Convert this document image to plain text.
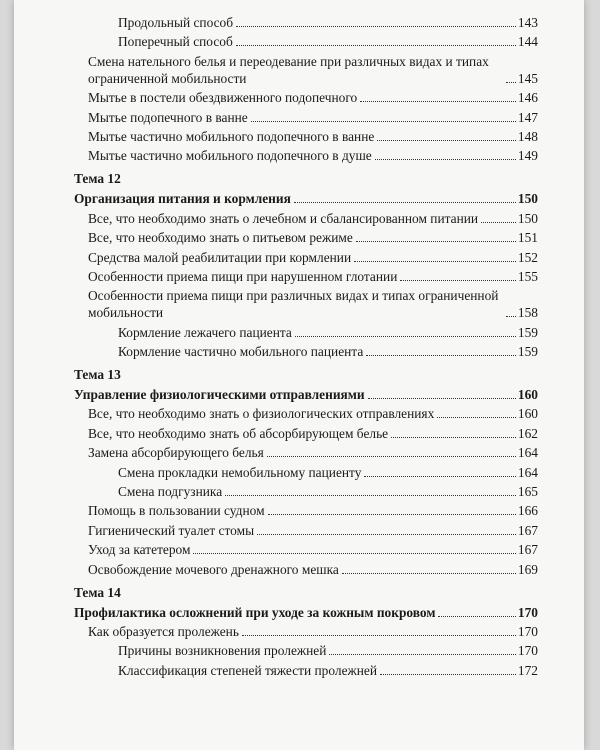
Продольный способ	143
Поперечный способ	144
Смена нательного белья и переодевание при различных видах и типах ограниченной мобильности	145
Мытье в постели обездвиженного подопечного	146
Мытье подопечного в ванне	147
Мытье частично мобильного подопечного в ванне	148
Мытье частично мобильного подопечного в душе	149
Тема 12
Организация питания и кормления	150
Все, что необходимо знать о лечебном и сбалансированном питании	150
Все, что необходимо знать о питьевом режиме	151
Средства малой реабилитации при кормлении	152
Особенности приема пищи при нарушенном глотании	155
Особенности приема пищи при различных видах и типах ограниченной мобильности	158
Кормление лежачего пациента	159
Кормление частично мобильного пациента	159
Тема 13
Управление физиологическими отправлениями	160
Все, что необходимо знать о физиологических отправлениях	160
Все, что необходимо знать об абсорбирующем белье	162
Замена абсорбирующего белья	164
Смена прокладки немобильному пациенту	164
Смена подгузника	165
Помощь в пользовании судном	166
Гигиенический туалет стомы	167
Уход за катетером	167
Освобождение мочевого дренажного мешка	169
Тема 14
Профилактика осложнений при уходе за кожным покровом	170
Как образуется пролежень	170
Причины возникновения пролежней	170
Классификация степеней тяжести пролежней	172
